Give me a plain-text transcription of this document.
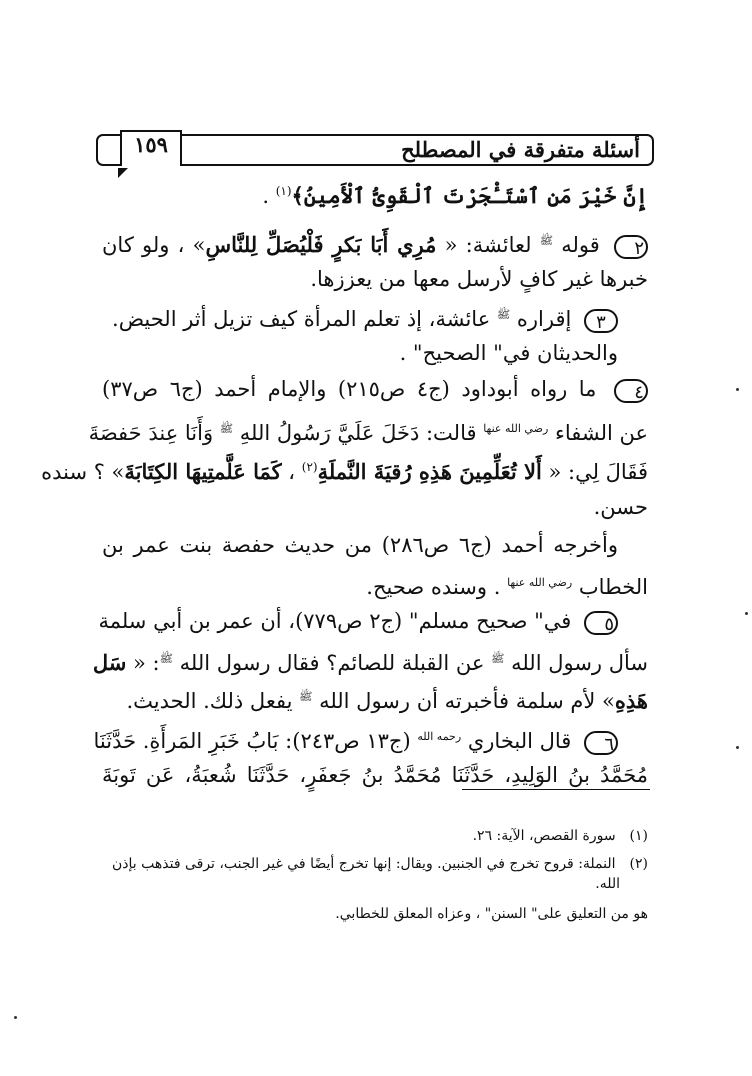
أسئلة متفرقة في المصطلح
١٥٩
إِنَّ خَيْرَ مَنِ ٱسْتَـْٔجَرْتَ ٱلْقَوِىُّ ٱلْأَمِينُ﴾$^{(١)}$ .
٢ قوله $^ﷺ$ لعائشة: « مُرِي أَبَا بَكرٍ فَلْيُصَلِّ لِلنَّاسِ» ، ولو كان
خبرها غير كافٍ لأرسل معها من يعززها.
٣ إقراره $^ﷺ$ عائشة، إذ تعلم المرأة كيف تزيل أثر الحيض.
والحديثان في" الصحيح" .
٤ ما رواه أبوداود (ج٤ ص٢١٥) والإمام أحمد (ج٦ ص٣٧)
عن الشفاء $^{رضي الله عنها}$ قالت: دَخَلَ عَلَيَّ رَسُولُ اللهِ $^ﷺ$ وَأَنَا عِندَ حَفصَةَ
فَقَالَ لِي: « أَلا تُعَلِّمِينَ هَذِهِ رُقيَةَ النَّملَةِ$^{(٢)}$ ، كَمَا عَلَّمتِيهَا الكِتَابَةَ» ؟ سنده
حسن.
وأخرجه أحمد (ج٦ ص٢٨٦) من حديث حفصة بنت عمر بن
الخطاب $^{رضي الله عنها}$ . وسنده صحيح.
٥ في" صحيح مسلم" (ج٢ ص٧٧٩)، أن عمر بن أبي سلمة
سأل رسول الله $^ﷺ$ عن القبلة للصائم؟ فقال رسول الله $^ﷺ$: « سَل
هَذِهِ» لأم سلمة فأخبرته أن رسول الله $^ﷺ$ يفعل ذلك. الحديث.
٦ قال البخاري $^{رحمه الله}$ (ج١٣ ص٢٤٣): بَابُ خَبَرِ المَرأَةِ. حَدَّثَنَا
مُحَمَّدُ بنُ الوَلِيدِ، حَدَّثَنَا مُحَمَّدُ بنُ جَعفَرٍ، حَدَّثَنَا شُعبَةُ، عَن تَوبَةَ
(١) سورة القصص، الآية: ٢٦.
(٢) النملة: قروح تخرج في الجنبين. ويقال: إنها تخرج أيضًا في غير الجنب، ترقى فتذهب بإذن
الله.
هو من التعليق على" السنن" ، وعزاه المعلق للخطابي.
